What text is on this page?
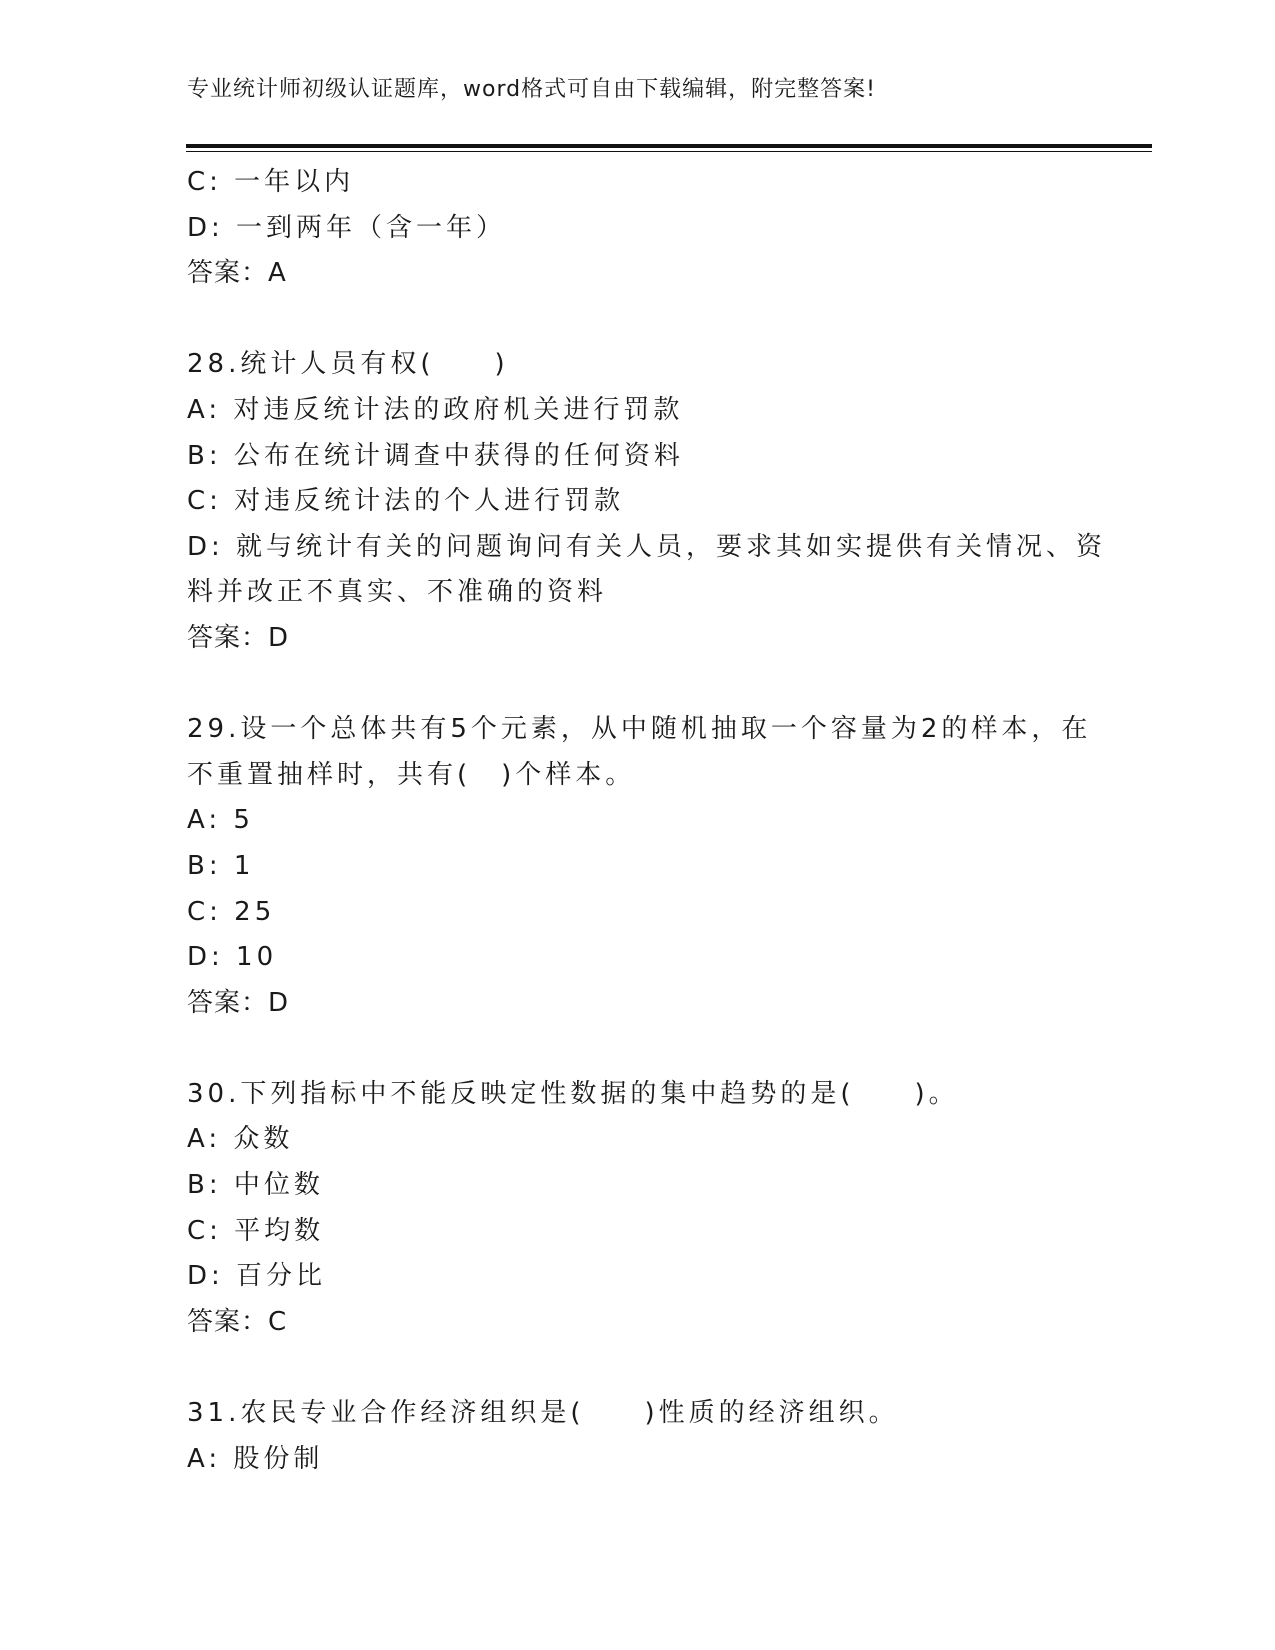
专业统计师初级认证题库，word格式可自由下载编辑，附完整答案!
C: 一年以内
D: 一到两年（含一年）
答案：A
28.统计人员有权(　　)
A: 对违反统计法的政府机关进行罚款
B: 公布在统计调查中获得的任何资料
C: 对违反统计法的个人进行罚款
D: 就与统计有关的问题询问有关人员，要求其如实提供有关情况、资
料并改正不真实、不准确的资料
答案：D
29.设一个总体共有5个元素，从中随机抽取一个容量为2的样本，在
不重置抽样时，共有(　)个样本。
A: 5
B: 1
C: 25
D: 10
答案：D
30.下列指标中不能反映定性数据的集中趋势的是(　　)。
A: 众数
B: 中位数
C: 平均数
D: 百分比
答案：C
31.农民专业合作经济组织是(　　)性质的经济组织。
A: 股份制
